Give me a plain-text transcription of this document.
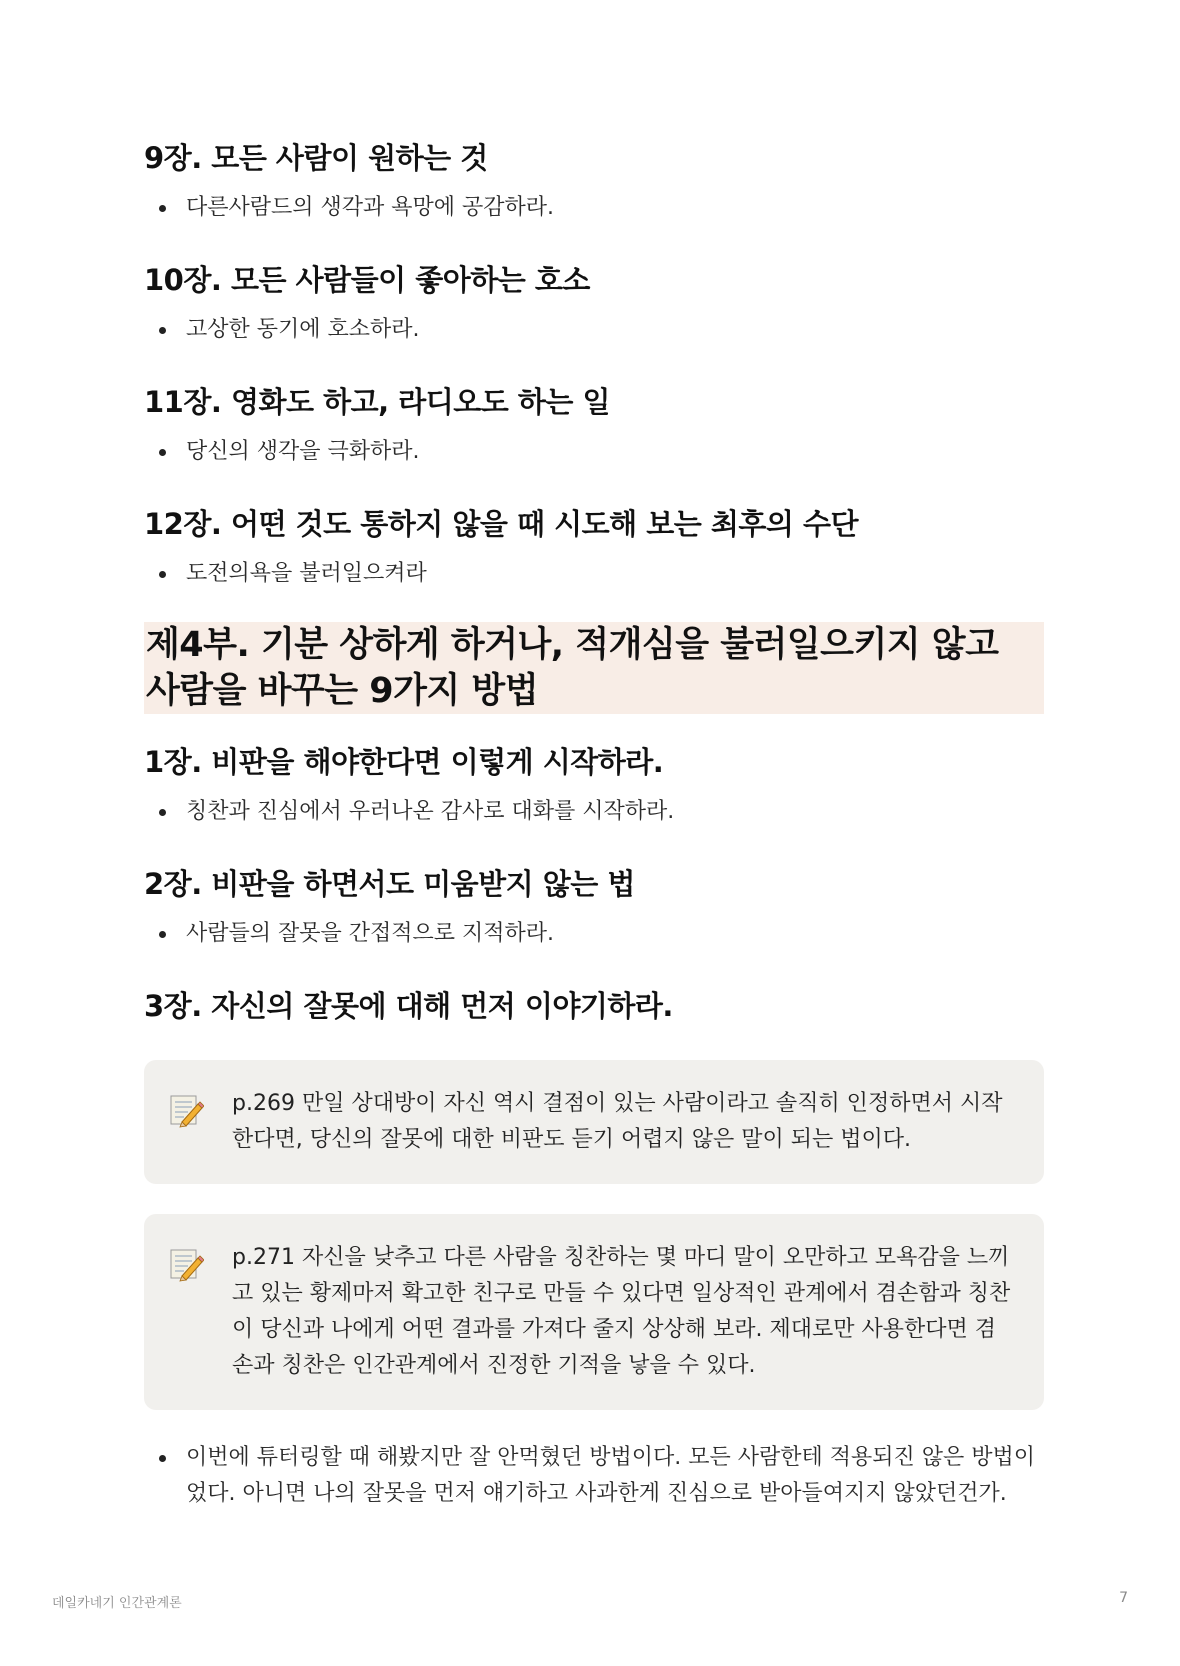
9장. 모든 사람이 원하는 것
다른사람드의 생각과 욕망에 공감하라.
10장. 모든 사람들이 좋아하는 호소
고상한 동기에 호소하라.
11장. 영화도 하고, 라디오도 하는 일
당신의 생각을 극화하라.
12장. 어떤 것도 통하지 않을 때 시도해 보는 최후의 수단
도전의욕을 불러일으켜라
제4부. 기분 상하게 하거나, 적개심을 불러일으키지 않고 사람을 바꾸는 9가지 방법
1장. 비판을 해야한다면 이렇게 시작하라.
칭찬과 진심에서 우러나온 감사로 대화를 시작하라.
2장. 비판을 하면서도 미움받지 않는 법
사람들의 잘못을 간접적으로 지적하라.
3장. 자신의 잘못에 대해 먼저 이야기하라.
p.269 만일 상대방이 자신 역시 결점이 있는 사람이라고 솔직히 인정하면서 시작한다면, 당신의 잘못에 대한 비판도 듣기 어렵지 않은 말이 되는 법이다.
p.271 자신을 낮추고 다른 사람을 칭찬하는 몇 마디 말이 오만하고 모욕감을 느끼고 있는 황제마저 확고한 친구로 만들 수 있다면 일상적인 관계에서 겸손함과 칭찬이 당신과 나에게 어떤 결과를 가져다 줄지 상상해 보라. 제대로만 사용한다면 겸손과 칭찬은 인간관계에서 진정한 기적을 낳을 수 있다.
이번에 튜터링할 때 해봤지만 잘 안먹혔던 방법이다. 모든 사람한테 적용되진 않은 방법이었다. 아니면 나의 잘못을 먼저 얘기하고 사과한게 진심으로 받아들여지지 않았던건가.
데일카네기 인간관계론	7
